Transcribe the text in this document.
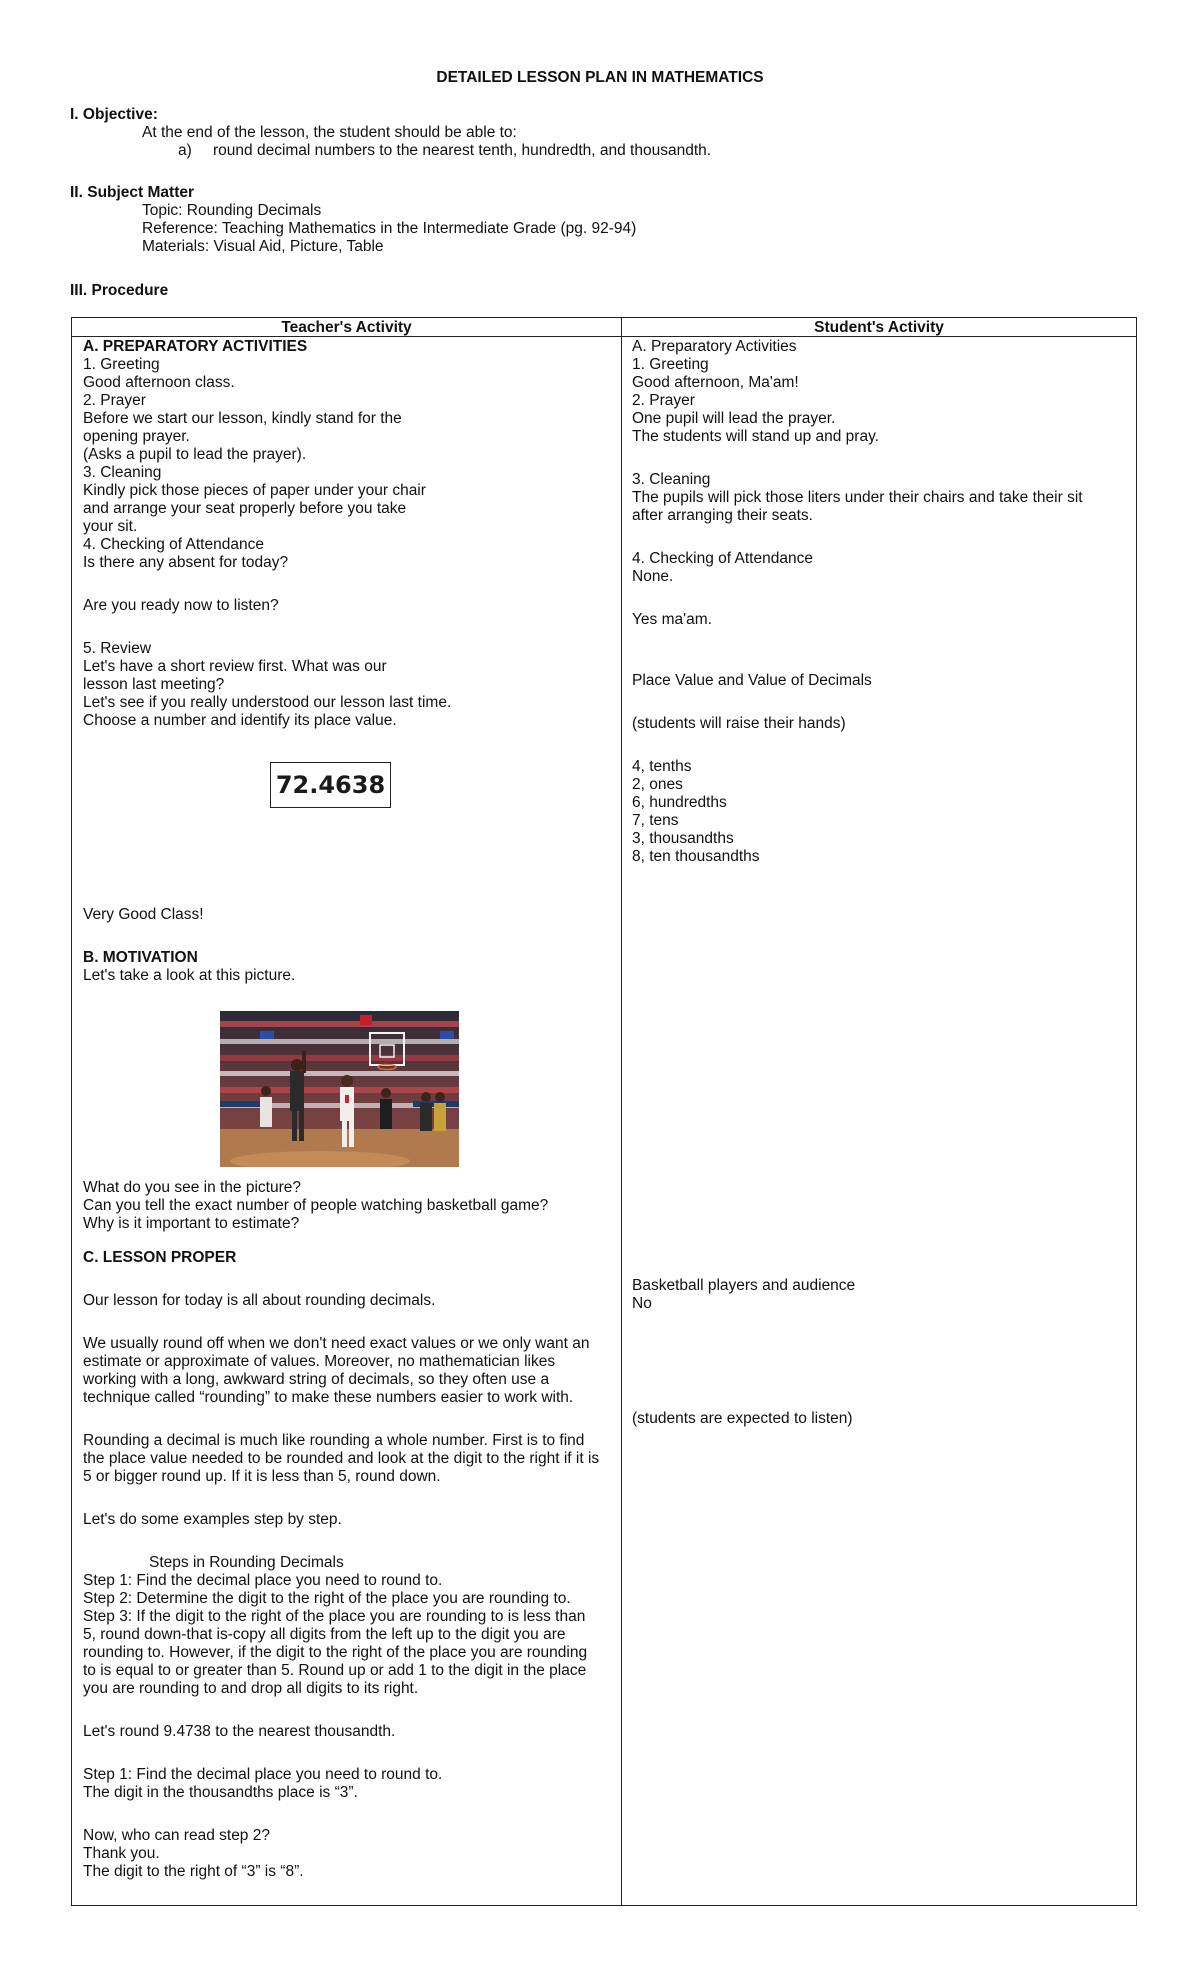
DETAILED LESSON PLAN IN MATHEMATICS
I. Objective:
At the end of the lesson, the student should be able to:
a) round decimal numbers to the nearest tenth, hundredth, and thousandth.
II. Subject Matter
Topic: Rounding Decimals
Reference: Teaching Mathematics in the Intermediate Grade (pg. 92-94)
Materials: Visual Aid, Picture, Table
III. Procedure
Teacher's Activity	Student's Activity
A. PREPARATORY ACTIVITIES
1. Greeting
Good afternoon class.
2. Prayer
Before we start our lesson, kindly stand for the
opening prayer.
(Asks a pupil to lead the prayer).
3. Cleaning
Kindly pick those pieces of paper under your chair
and arrange your seat properly before you take
your sit.
4. Checking of Attendance
Is there any absent for today?
Are you ready now to listen?
5. Review
Let's have a short review first. What was our
lesson last meeting?
Let's see if you really understood our lesson last time.
Choose a number and identify its place value.
Very Good Class!
B. MOTIVATION
Let's take a look at this picture.
What do you see in the picture?
Can you tell the exact number of people watching basketball game?
Why is it important to estimate?
C. LESSON PROPER
Our lesson for today is all about rounding decimals.
We usually round off when we don't need exact values or we only want an
estimate or approximate of values. Moreover, no mathematician likes
working with a long, awkward string of decimals, so they often use a
technique called “rounding” to make these numbers easier to work with.
Rounding a decimal is much like rounding a whole number. First is to find
the place value needed to be rounded and look at the digit to the right if it is
5 or bigger round up. If it is less than 5, round down.
Let's do some examples step by step.
Steps in Rounding Decimals
Step 1: Find the decimal place you need to round to.
Step 2: Determine the digit to the right of the place you are rounding to.
Step 3: If the digit to the right of the place you are rounding to is less than
5, round down-that is-copy all digits from the left up to the digit you are
rounding to. However, if the digit to the right of the place you are rounding
to is equal to or greater than 5. Round up or add 1 to the digit in the place
you are rounding to and drop all digits to its right.
Let's round 9.4738 to the nearest thousandth.
Step 1: Find the decimal place you need to round to.
The digit in the thousandths place is “3”.
Now, who can read step 2?
Thank you.
The digit to the right of “3” is “8”.
72.4638
A. Preparatory Activities
1. Greeting
Good afternoon, Ma'am!
2. Prayer
One pupil will lead the prayer.
The students will stand up and pray.
3. Cleaning
The pupils will pick those liters under their chairs and take their sit
after arranging their seats.
4. Checking of Attendance
None.
Yes ma'am.
Place Value and Value of Decimals
(students will raise their hands)
4, tenths
2, ones
6, hundredths
7, tens
3, thousandths
8, ten thousandths
Basketball players and audience
No
(students are expected to listen)
